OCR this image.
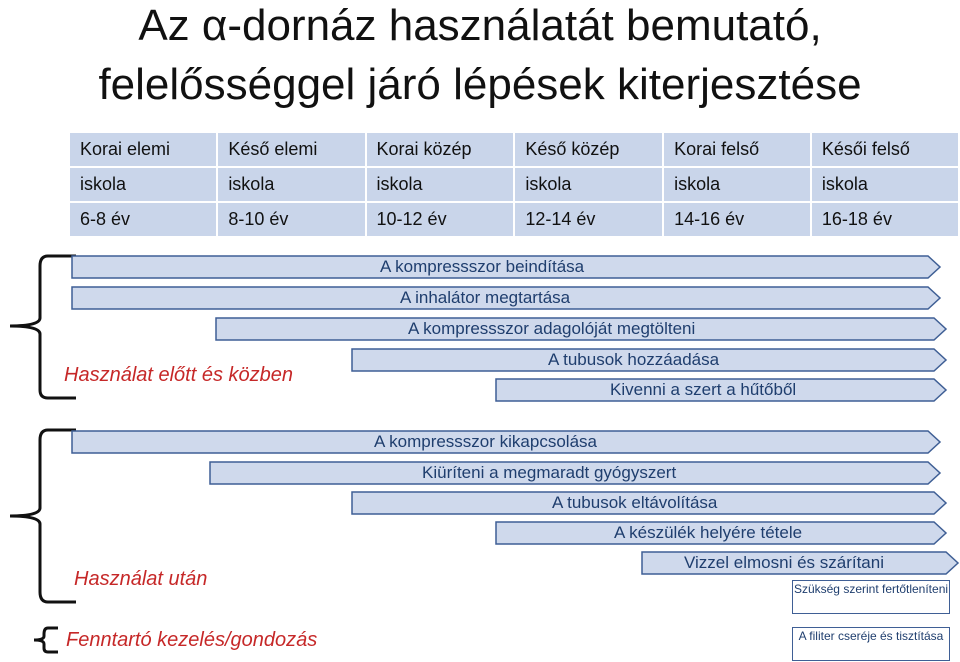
Az α-dornáz használatát bemutató,
felelősséggel járó lépések kiterjesztése
Korai elemi	Késő elemi	Korai közép	Késő közép	Korai felső	Késői felső
iskola	iskola	iskola	iskola	iskola	iskola
6-8 év	8-10 év	10-12 év	12-14 év	14-16 év	16-18 év
A kompressszor beindítása
A inhalátor megtartása
A kompressszor adagolóját megtölteni
A tubusok hozzáadása
Kivenni a szert a hűtőből
A kompressszor kikapcsolása
Kiüríteni a megmaradt gyógyszert
A tubusok eltávolítása
A készülék helyére tétele
Vizzel elmosni és szárítani
Szükség szerint fertőtleníteni
A filiter cseréje és tisztítása
Használat előtt és közben
Használat után
Fenntartó kezelés/gondozás
